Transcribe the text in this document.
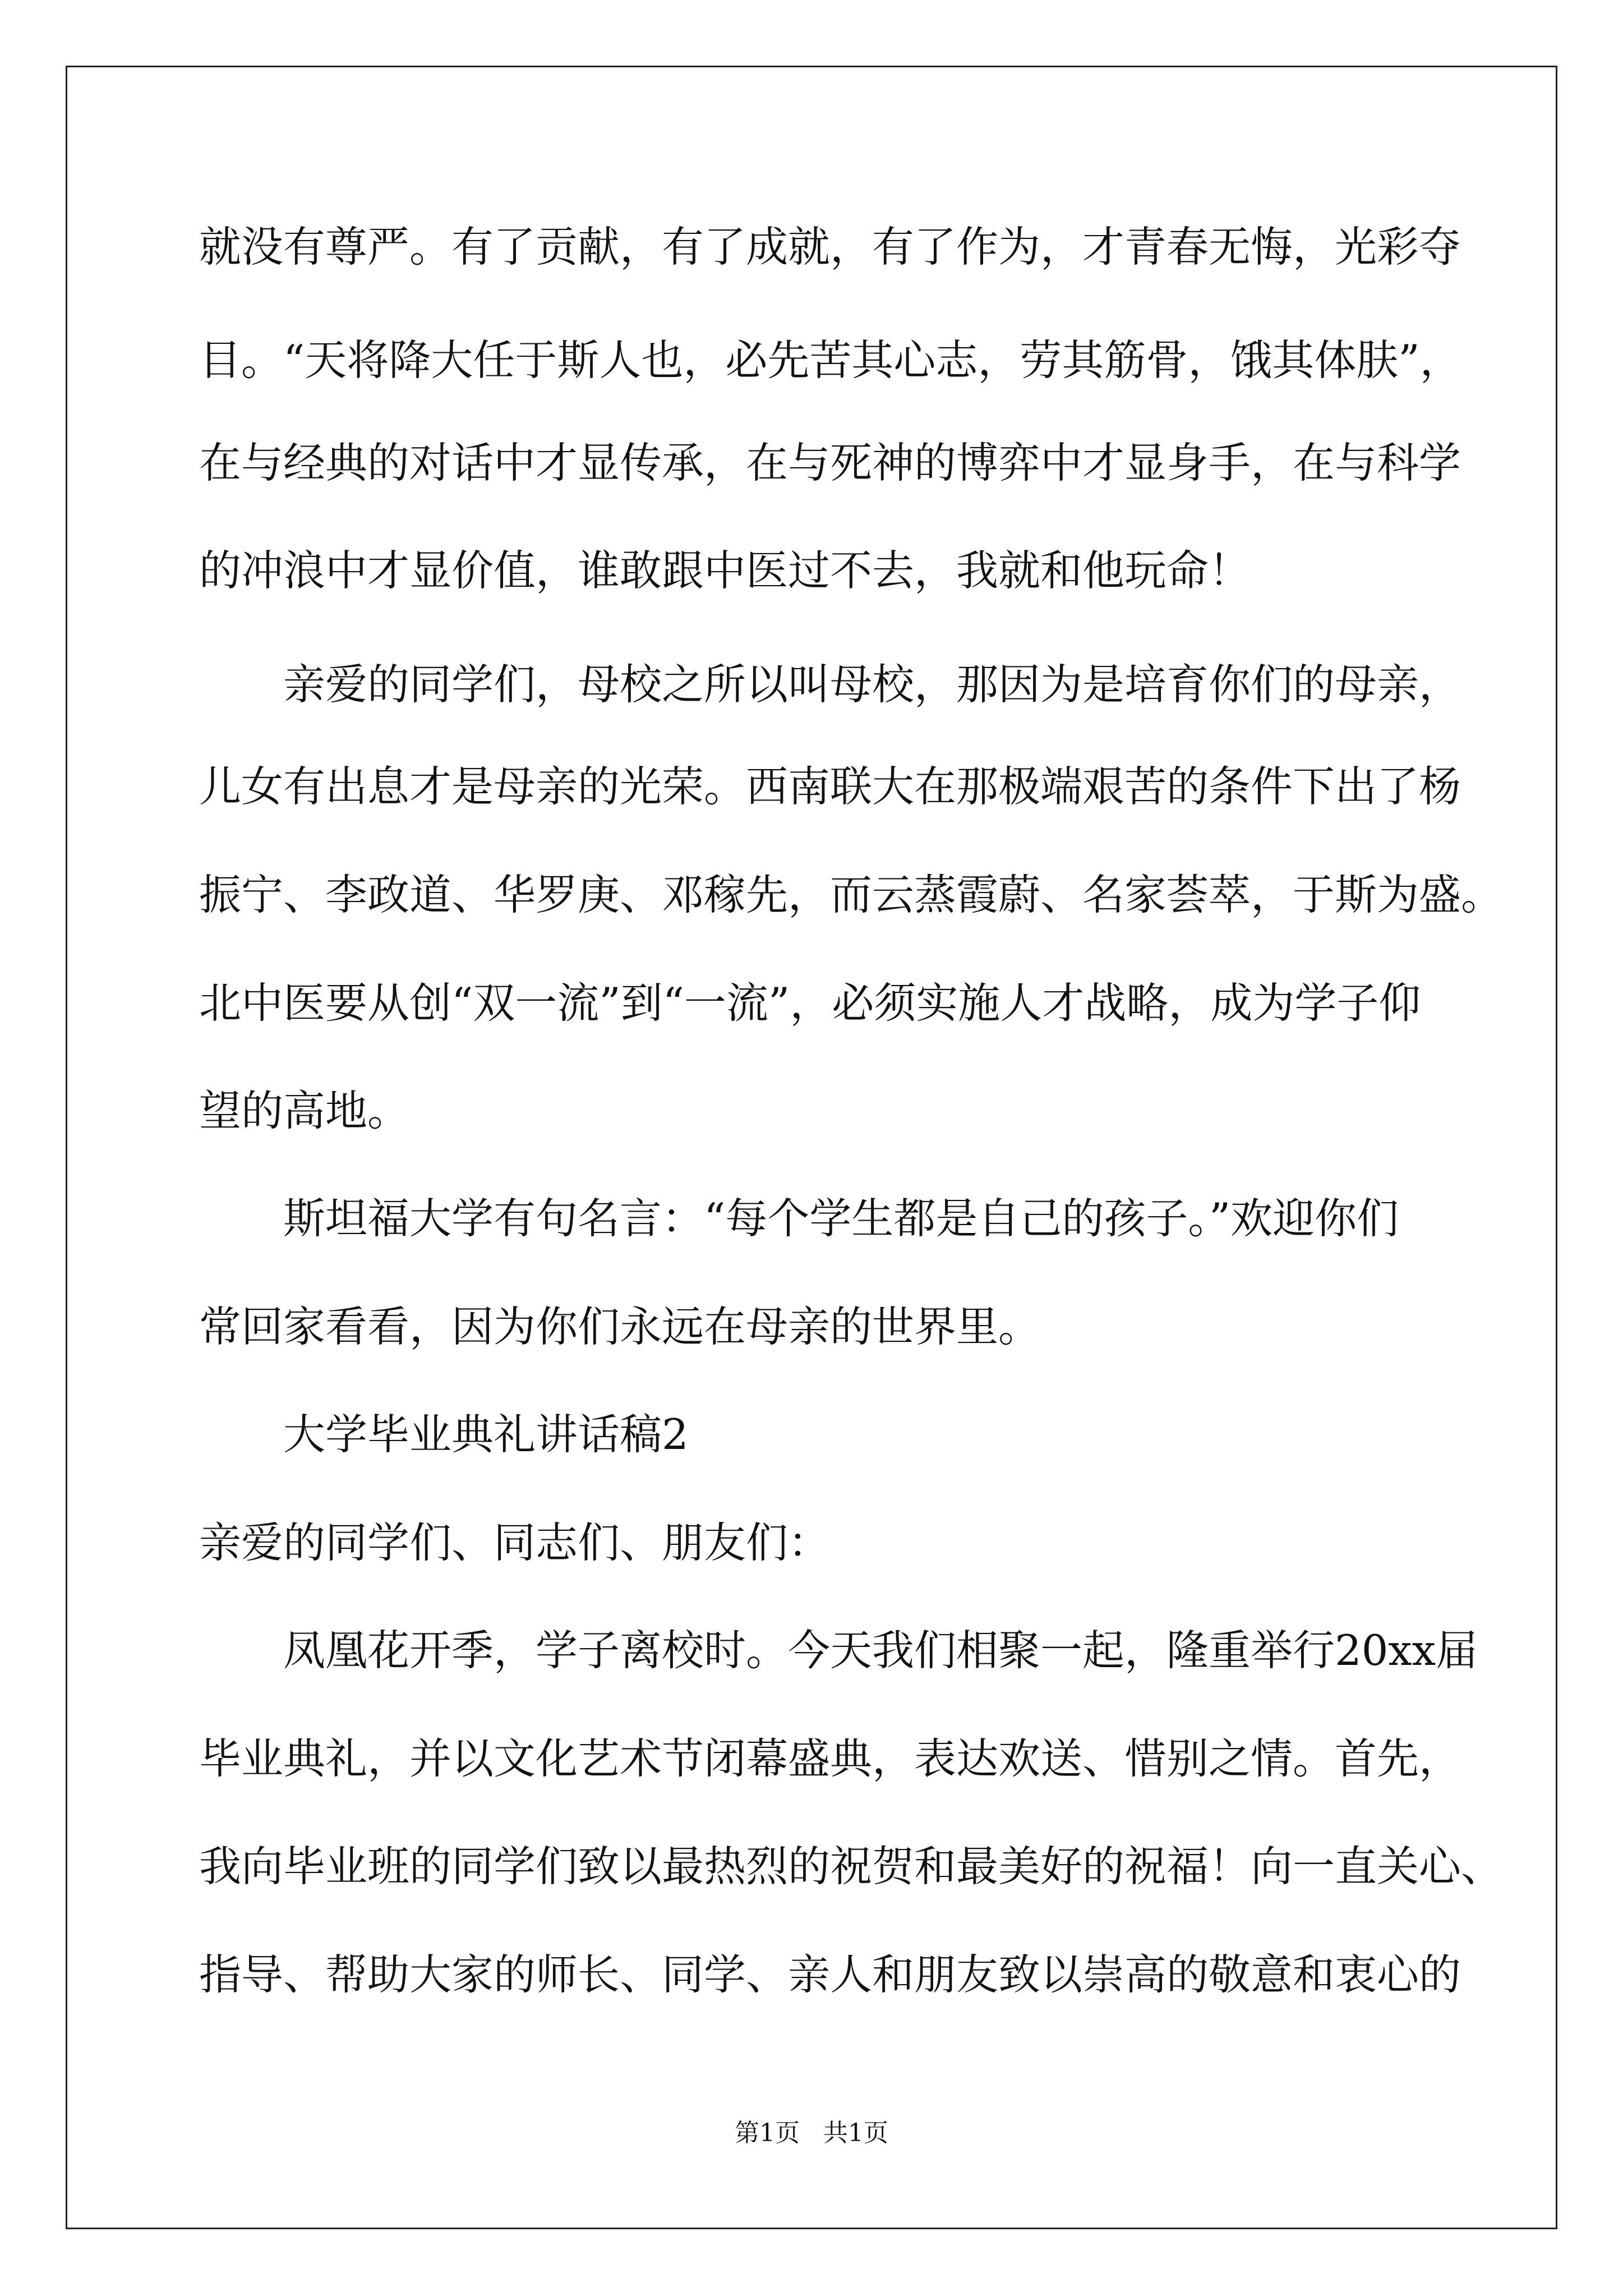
就没有尊严。有了贡献，有了成就，有了作为，才青春无悔，光彩夺

目。“天将降大任于斯人也，必先苦其心志，劳其筋骨，饿其体肤”，

在与经典的对话中才显传承，在与死神的博弈中才显身手，在与科学

的冲浪中才显价值，谁敢跟中医过不去，我就和他玩命！

亲爱的同学们，母校之所以叫母校，那因为是培育你们的母亲，

儿女有出息才是母亲的光荣。西南联大在那极端艰苦的条件下出了杨

振宁、李政道、华罗庚、邓稼先，而云蒸霞蔚、名家荟萃，于斯为盛。

北中医要从创“双一流”到“一流”，必须实施人才战略，成为学子仰

望的高地。

斯坦福大学有句名言：“每个学生都是自己的孩子。”欢迎你们

常回家看看，因为你们永远在母亲的世界里。

大学毕业典礼讲话稿2

亲爱的同学们、同志们、朋友们：

凤凰花开季，学子离校时。今天我们相聚一起，隆重举行20xx届

毕业典礼，并以文化艺术节闭幕盛典，表达欢送、惜别之情。首先，

我向毕业班的同学们致以最热烈的祝贺和最美好的祝福！向一直关心、

指导、帮助大家的师长、同学、亲人和朋友致以崇高的敬意和衷心的

第1页   共1页
